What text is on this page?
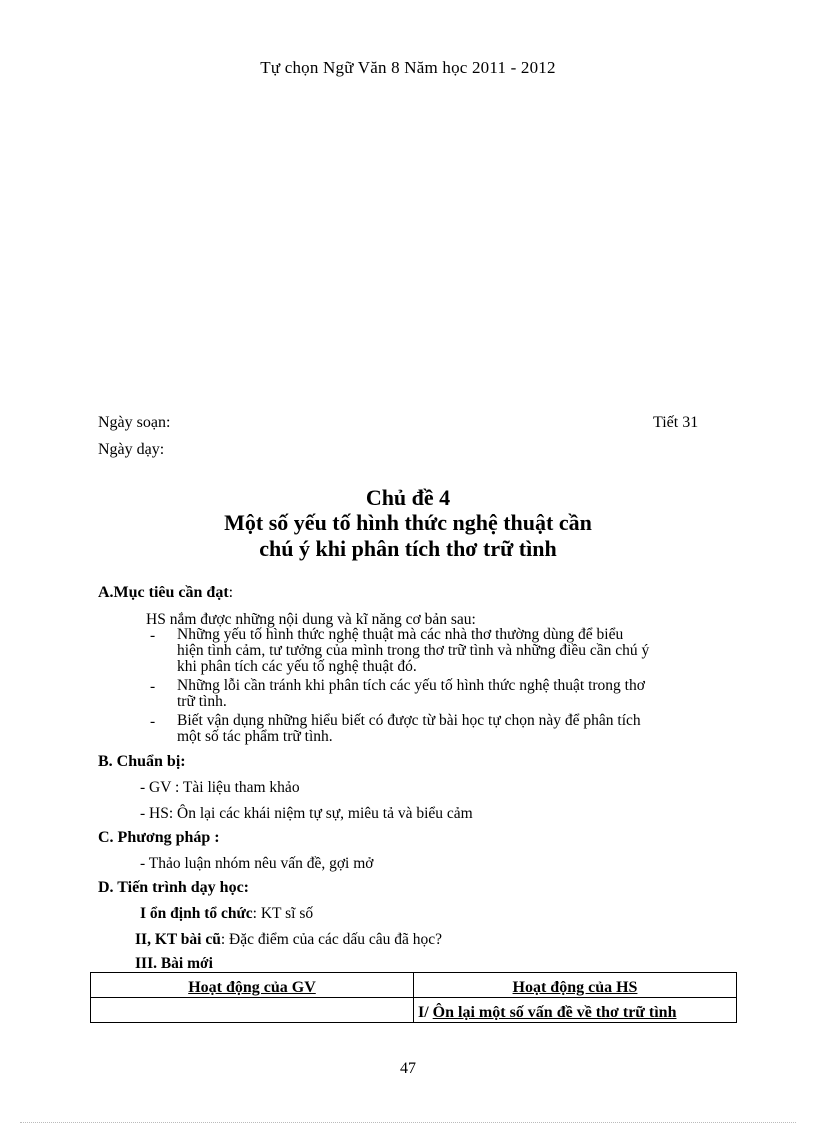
Tự chọn Ngữ Văn 8 Năm học 2011 - 2012
Ngày soạn:	Tiết 31
Ngày dạy:
Chủ đề 4
Một số yếu tố hình thức nghệ thuật cần
chú ý khi phân tích thơ trữ tình
A.Mục tiêu cần đạt:
HS nắm được những nội dung và kĩ năng cơ bản sau:
- Những yếu tố hình thức nghệ thuật mà các nhà thơ thường dùng để biểu
hiện tình cảm, tư tưởng của mình trong thơ trữ tình và những điều cần chú ý
khi phân tích các yếu tố nghệ thuật đó.
- Những lỗi cần tránh khi phân tích các yếu tố hình thức nghệ thuật trong thơ
trữ tình.
- Biết vận dụng những hiểu biết có được từ bài học tự chọn này để phân tích
một số tác phẩm trữ tình.
B. Chuẩn bị:
- GV : Tài liệu tham khảo
- HS: Ôn lại các khái niệm tự sự, miêu tả và biểu cảm
C. Phương pháp :
- Thảo luận nhóm nêu vấn đề, gợi mở
D. Tiến trình dạy học:
I ổn định tổ chức: KT sĩ số
II, KT bài cũ: Đặc điểm của các dấu câu đã học?
III. Bài mới
Hoạt động của GV	Hoạt động của HS
	I/ Ôn lại một số vấn đề về thơ trữ tình
47
